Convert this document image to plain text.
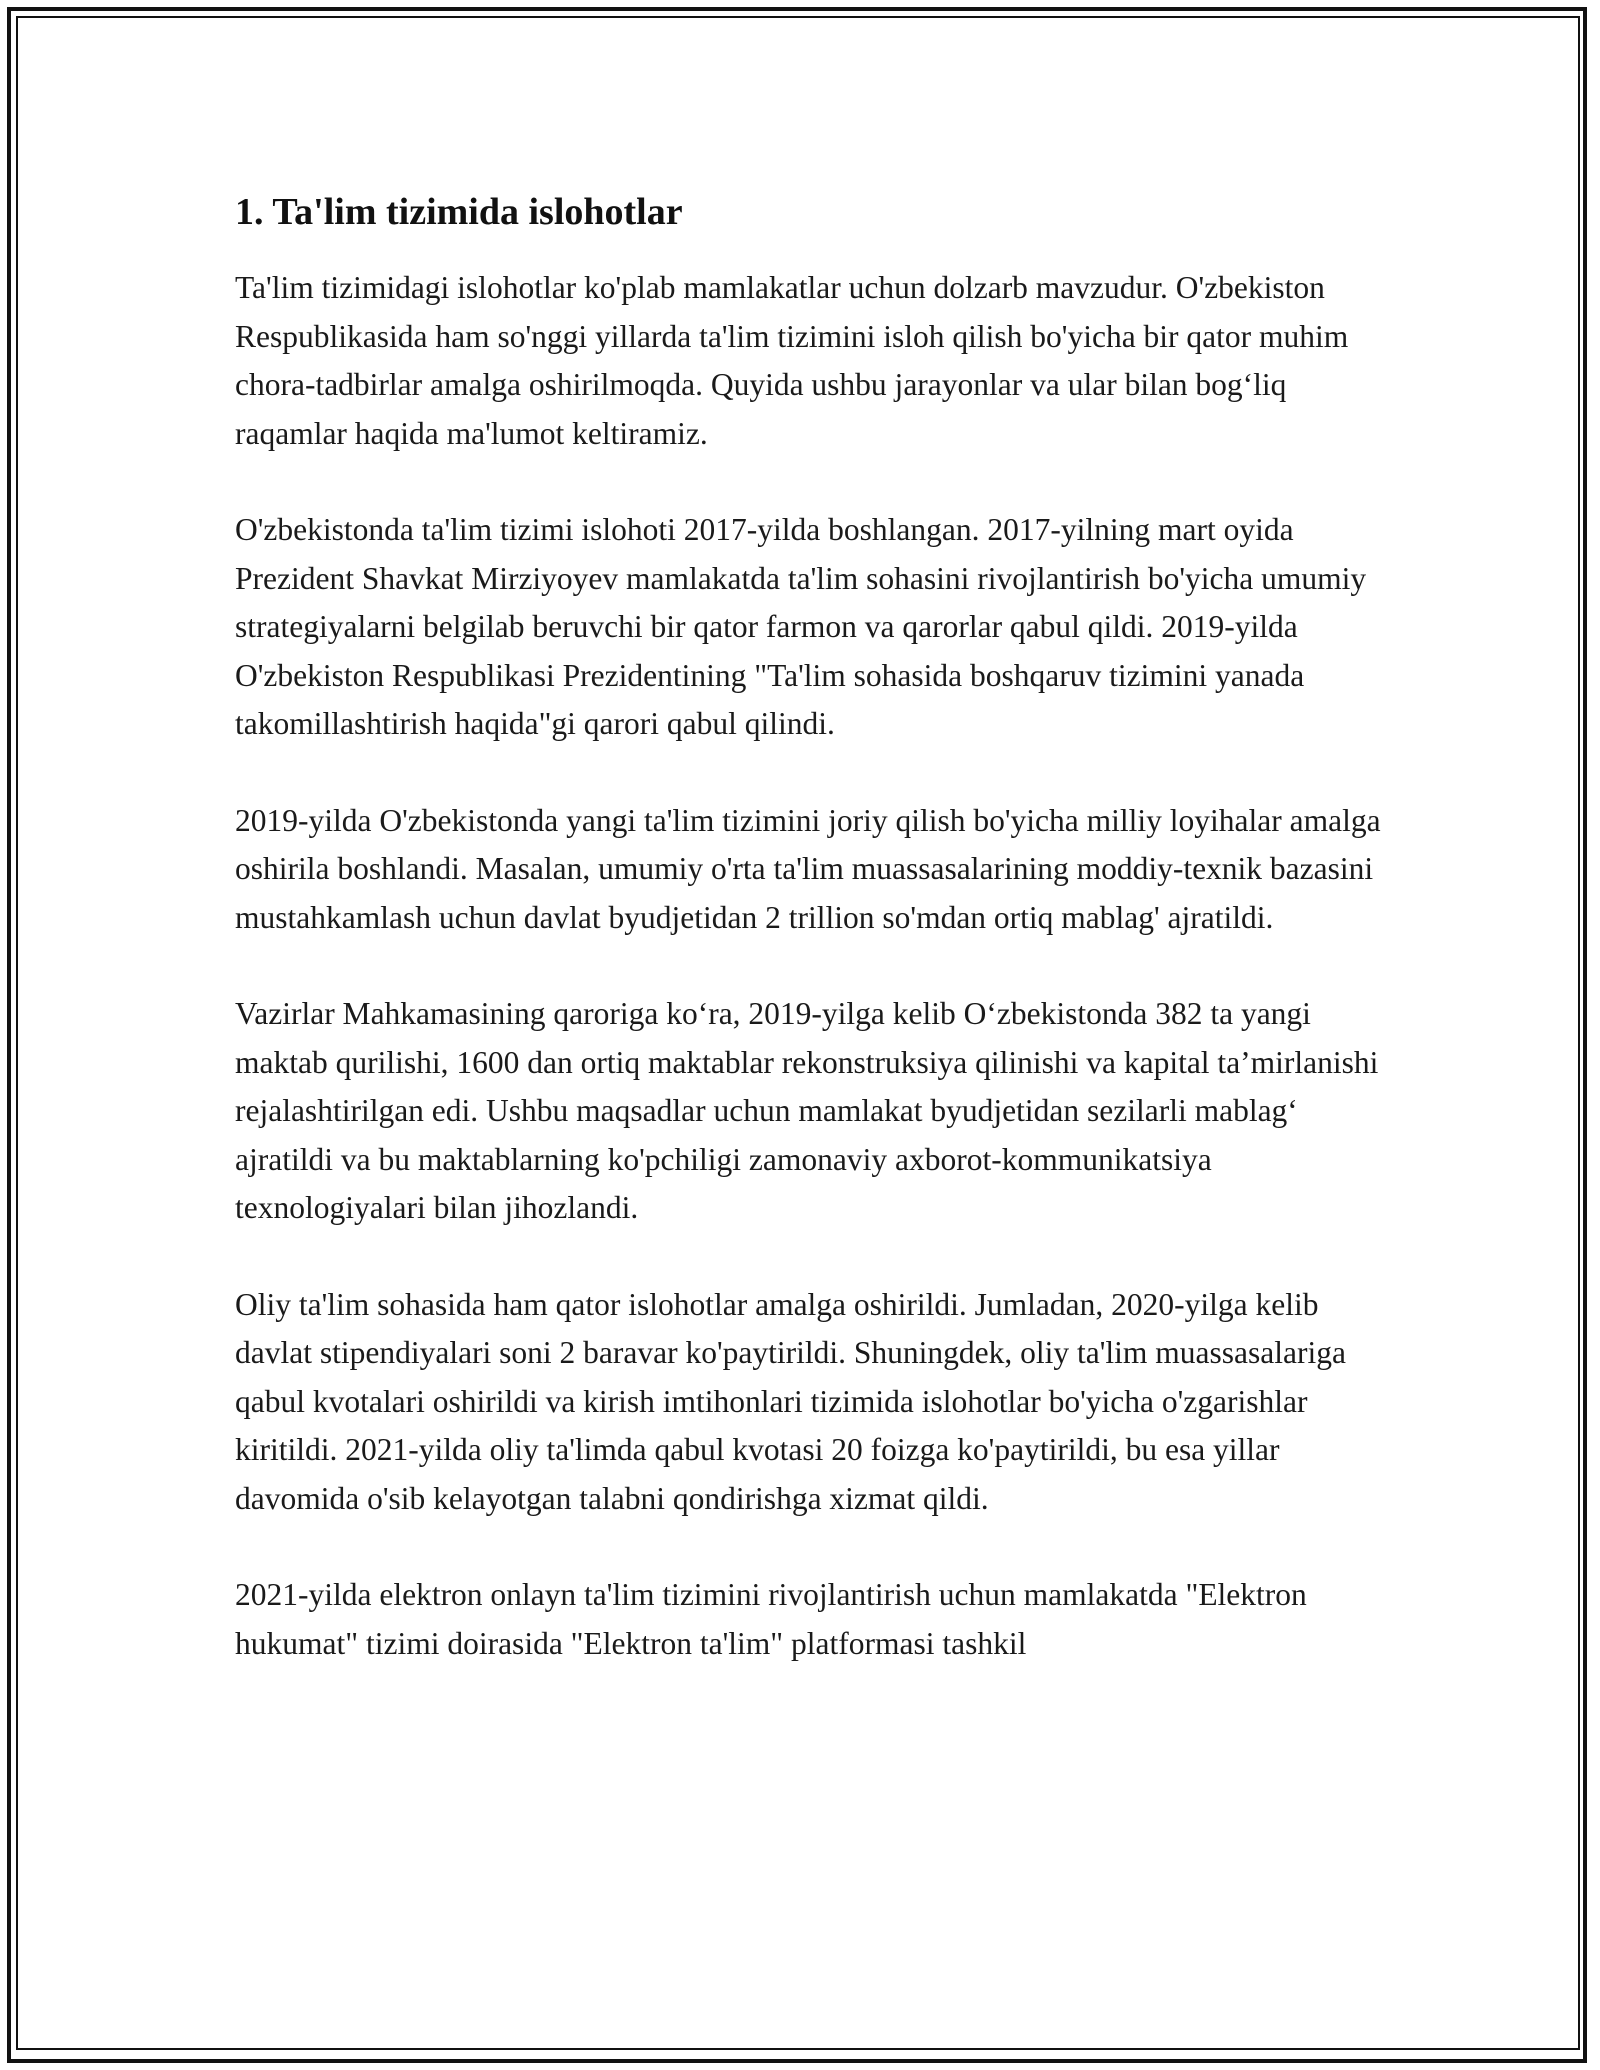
1. Ta'lim tizimida islohotlar

Ta'lim tizimidagi islohotlar ko'plab mamlakatlar uchun dolzarb mavzudur. O'zbekiston Respublikasida ham so'nggi yillarda ta'lim tizimini isloh qilish bo'yicha bir qator muhim chora-tadbirlar amalga oshirilmoqda. Quyida ushbu jarayonlar va ular bilan bog‘liq raqamlar haqida ma'lumot keltiramiz.

O'zbekistonda ta'lim tizimi islohoti 2017-yilda boshlangan. 2017-yilning mart oyida Prezident Shavkat Mirziyoyev mamlakatda ta'lim sohasini rivojlantirish bo'yicha umumiy strategiyalarni belgilab beruvchi bir qator farmon va qarorlar qabul qildi. 2019-yilda O'zbekiston Respublikasi Prezidentining "Ta'lim sohasida boshqaruv tizimini yanada takomillashtirish haqida"gi qarori qabul qilindi.

2019-yilda O'zbekistonda yangi ta'lim tizimini joriy qilish bo'yicha milliy loyihalar amalga oshirila boshlandi. Masalan, umumiy o'rta ta'lim muassasalarining moddiy-texnik bazasini mustahkamlash uchun davlat byudjetidan 2 trillion so'mdan ortiq mablag' ajratildi.

Vazirlar Mahkamasining qaroriga ko‘ra, 2019-yilga kelib O‘zbekistonda 382 ta yangi maktab qurilishi, 1600 dan ortiq maktablar rekonstruksiya qilinishi va kapital ta’mirlanishi rejalashtirilgan edi. Ushbu maqsadlar uchun mamlakat byudjetidan sezilarli mablag‘ ajratildi va bu maktablarning ko'pchiligi zamonaviy axborot-kommunikatsiya texnologiyalari bilan jihozlandi.

Oliy ta'lim sohasida ham qator islohotlar amalga oshirildi. Jumladan, 2020-yilga kelib davlat stipendiyalari soni 2 baravar ko'paytirildi. Shuningdek, oliy ta'lim muassasalariga qabul kvotalari oshirildi va kirish imtihonlari tizimida islohotlar bo'yicha o'zgarishlar kiritildi. 2021-yilda oliy ta'limda qabul kvotasi 20 foizga ko'paytirildi, bu esa yillar davomida o'sib kelayotgan talabni qondirishga xizmat qildi.

2021-yilda elektron onlayn ta'lim tizimini rivojlantirish uchun mamlakatda "Elektron hukumat" tizimi doirasida "Elektron ta'lim" platformasi tashkil
